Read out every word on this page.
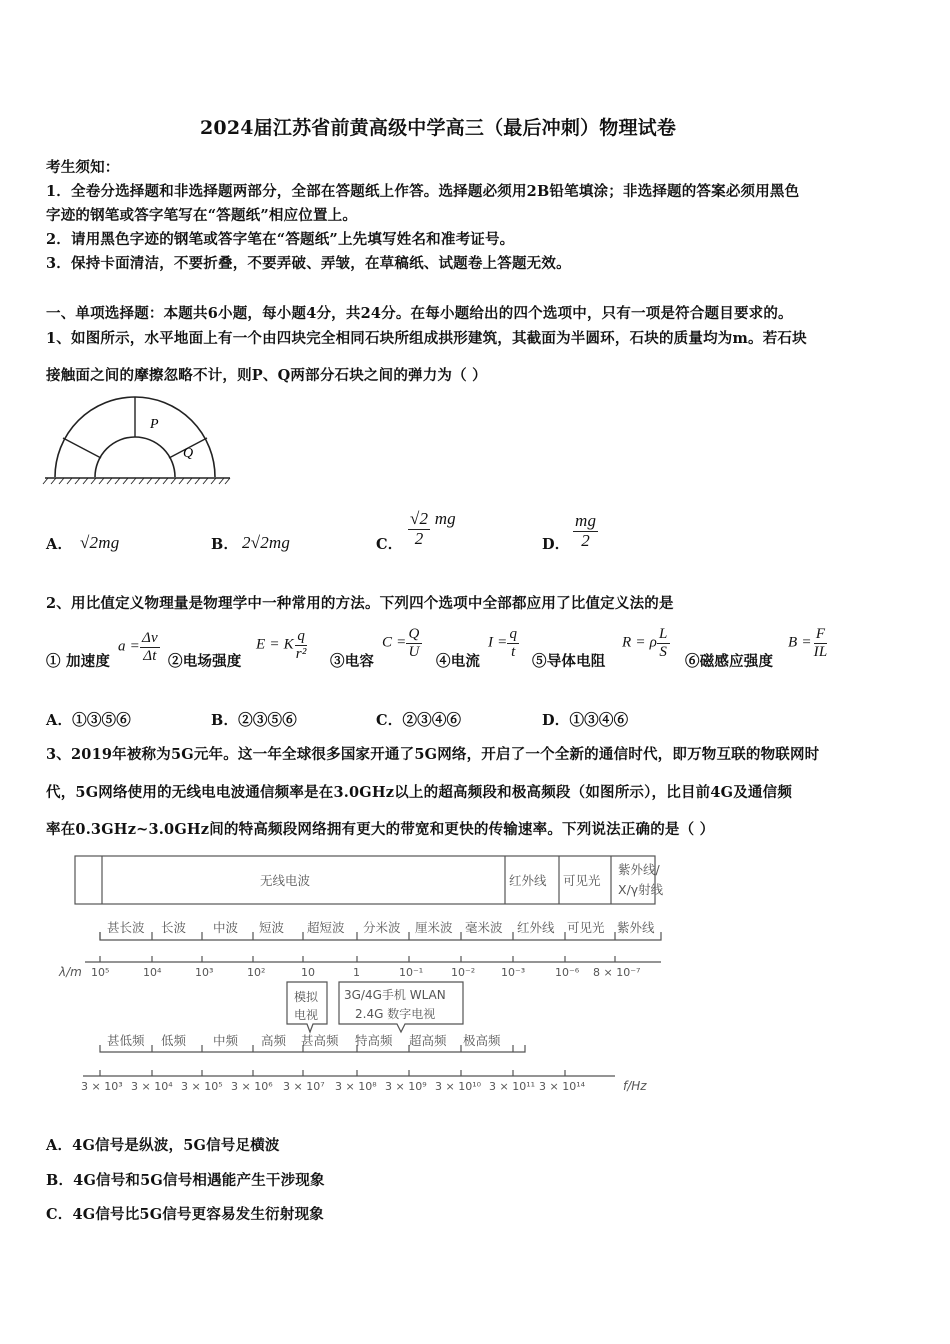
2024届江苏省前黄高级中学高三（最后冲刺）物理试卷
考生须知：
1．全卷分选择题和非选择题两部分，全部在答题纸上作答。选择题必须用2B铅笔填涂；非选择题的答案必须用黑色
字迹的钢笔或答字笔写在“答题纸”相应位置上。
2．请用黑色字迹的钢笔或答字笔在“答题纸”上先填写姓名和准考证号。
3．保持卡面清洁，不要折叠，不要弄破、弄皱，在草稿纸、试题卷上答题无效。
一、单项选择题：本题共6小题，每小题4分，共24分。在每小题给出的四个选项中，只有一项是符合题目要求的。
1、如图所示，水平地面上有一个由四块完全相同石块所组成拱形建筑，其截面为半圆环，石块的质量均为m。若石块
接触面之间的摩擦忽略不计，则P、Q两部分石块之间的弹力为（ ）
P
Q
A． √2mg	B． 2√2mg	C． $\frac{√2}{2}$ mg
D． $\frac{mg}{2}$
2、用比值定义物理量是物理学中一种常用的方法。下列四个选项中全部都应用了比值定义法的是
① 加速度
$a = \frac{\Delta v}{\Delta t}$ ②电场强度
E = K $\frac{q}{\text{r²}}$ ③电容
$C = \frac{Q}{U}$
④电流
$I = \frac{q}{t}$
⑤导体电阻
R = ρ $\frac{L}{S}$
⑥磁感应强度
$B = \frac{F}{IL}$
A．①③⑤⑥	B．②③⑤⑥	C．②③④⑥	D．①③④⑥
3、2019年被称为5G元年。这一年全球很多国家开通了5G网络，开启了一个全新的通信时代，即万物互联的物联网时
代，5G网络使用的无线电电波通信频率是在3.0GHz以上的超高频段和极高频段（如图所示），比目前4G及通信频
率在0.3GHz~3.0GHz间的特高频段网络拥有更大的带宽和更快的传输速率。下列说法正确的是（ ）
无线电波	红外线 可见光
紫外线/
X/γ射线
甚长波 长波 中波 短波 超短波 分米波 厘米波 毫米波 红外线 可见光 紫外线
10⁵	10⁴	10³	10²	10	1	10⁻¹	10⁻² 10⁻³	10⁻⁶ 8 × 10⁻⁷
λ/m
模拟
电视
3G/4G手机 WLAN
2.4G 数字电视
甚低频 低频 中频 高频 甚高频 特高频 超高频 极高频
3 × 10³ 3 × 10⁴ 3 × 10⁵ 3 × 10⁶ 3 × 10⁷ 3 × 10⁸ 3 × 10⁹ 3 × 10¹⁰ 3 × 10¹¹ 3 × 10¹⁴	f/Hz
A．4G信号是纵波，5G信号足横波
B．4G信号和5G信号相遇能产生干涉现象
C．4G信号比5G信号更容易发生衍射现象
